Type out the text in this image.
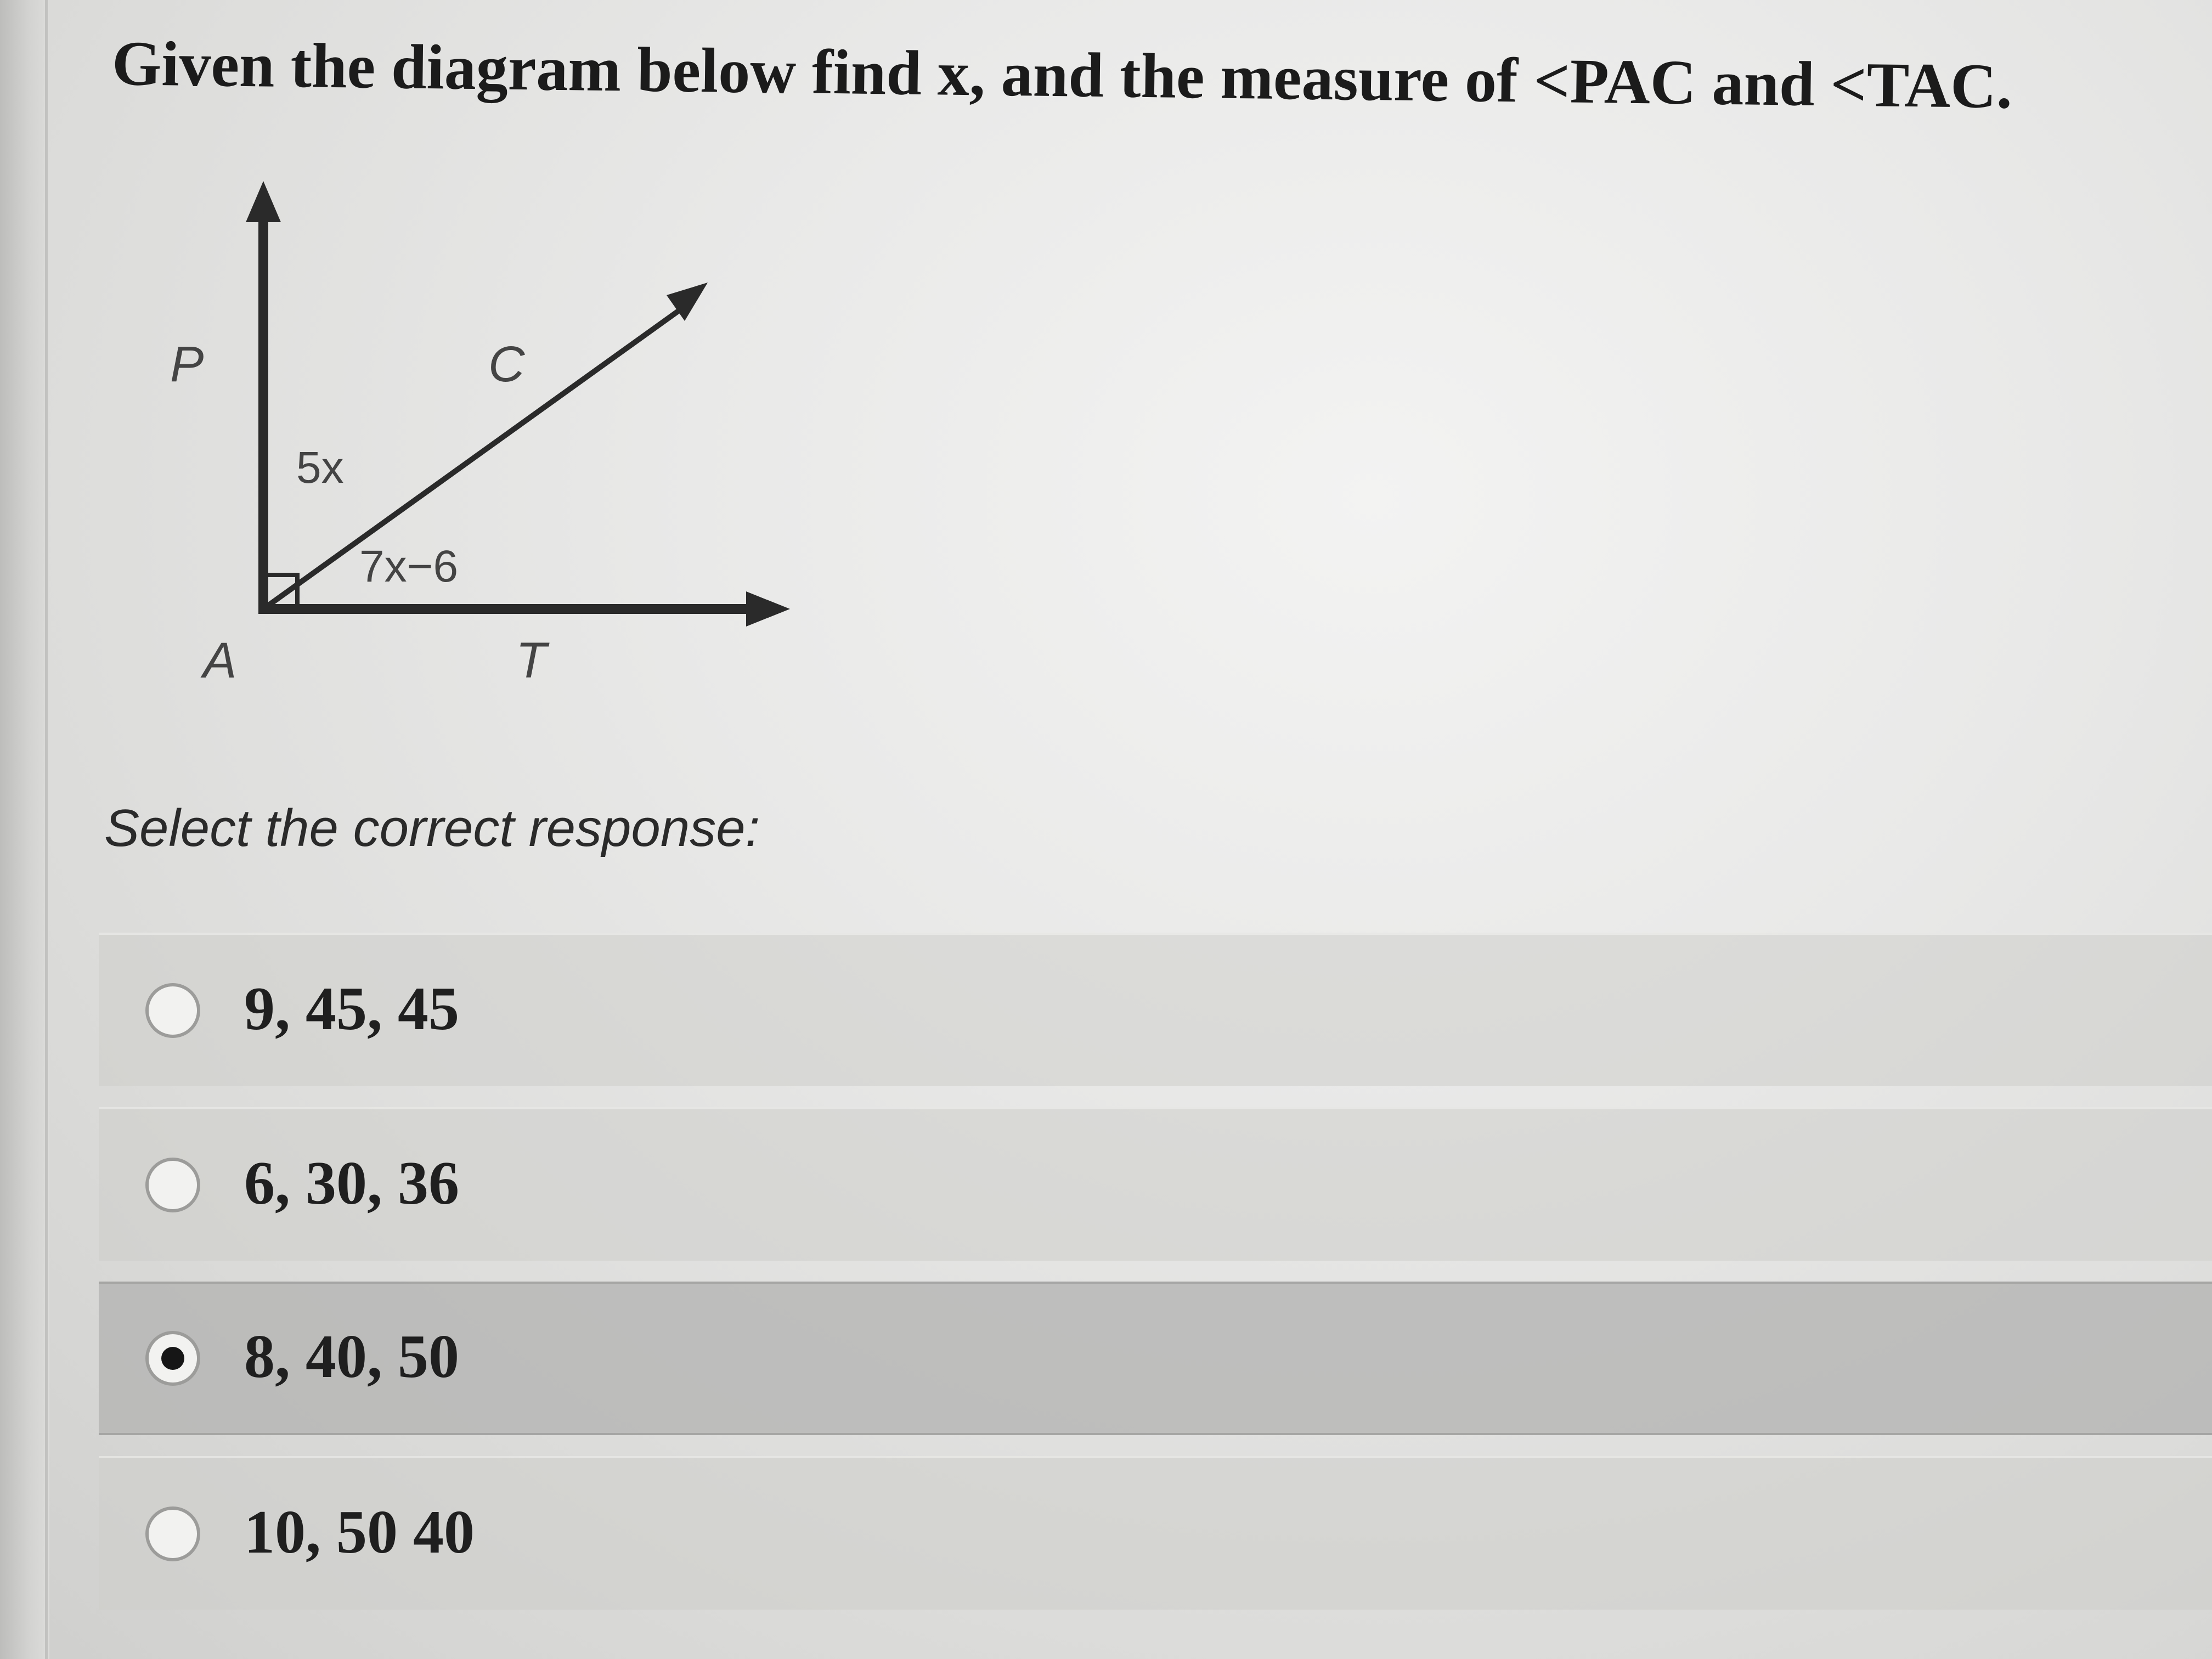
Given the diagram below find x, and the measure of <PAC and <TAC.
P	C
A	T
5x
7x−6
Select the correct response:
9, 45, 45
6, 30, 36
8, 40, 50
10, 50 40
